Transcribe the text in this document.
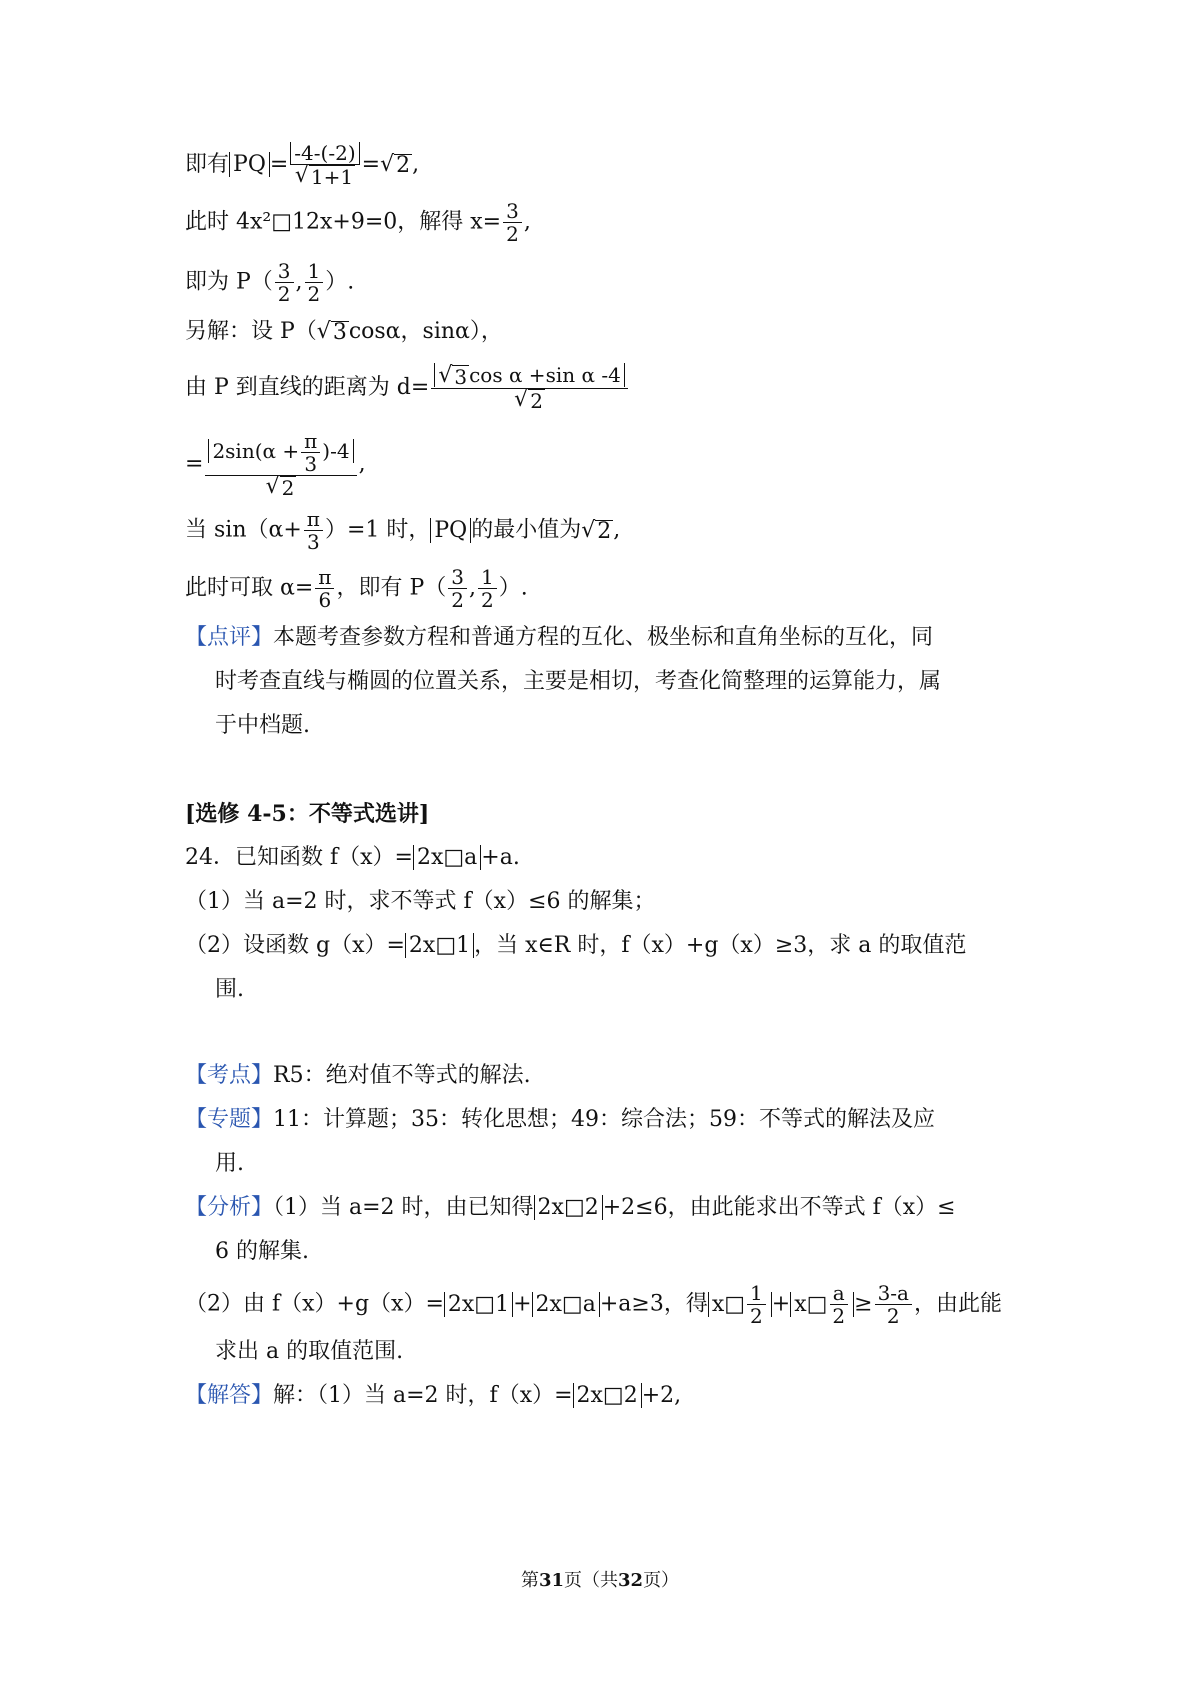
即有 PQ = $\frac{-4-(-2)}{√ 1+1}$ = √ 2 ,
此时 4x²□12x+9=0，解得 $x= \frac{3}{2}$ ,
即为 $P( \frac{3}{2}$ , $\frac{1}{2}$ ）.
另解：设 P（ √ 3 cosα，sinα），
由 P 到直线的距离为 $d= \frac{\text{√ 3 cos α +sin α -4}}{√ 2}$
= $\frac{2\sin(\alpha + \frac{\pi}{3} )-4}{√ 2}$ ,
当 $\sin(\alpha+ \frac{\pi}{3} )=1$ 时， PQ 的最小值为 √ 2 ,
此时可取 $\alpha= \frac{\pi}{6}$ ，即有 $P( \frac{3}{2}$ , $\frac{1}{2}$ ）.
【点评】本题考查参数方程和普通方程的互化、极坐标和直角坐标的互化，同
时考查直线与椭圆的位置关系，主要是相切，考查化简整理的运算能力，属
于中档题.
[选修 4-5：不等式选讲]
24．已知函数 f（x）= 2x□a +a.
（1）当 a=2 时，求不等式 f（x）≤6 的解集；
（2）设函数 g（x）= 2x□1 ，当 x∈R 时，f（x）+g（x）≥3，求 a 的取值范
围.
【考点】R5：绝对值不等式的解法.
【专题】11：计算题；35：转化思想；49：综合法；59：不等式的解法及应
用.
【分析】（1）当 a=2 时，由已知得 2x□2 +2≤6，由此能求出不等式 f（x）≤
6 的解集.
（2）由 f（x）+g（x）= 2x□1 + 2x□a +a≥3，得 x□ $\frac{1}{2}$ + x□ $\frac{a}{2} \ge \frac{3-a}{2}$ ，由此能
求出 a 的取值范围.
【解答】解：（1）当 a=2 时，f（x）= 2x□2 +2,
第31页（共32页）
